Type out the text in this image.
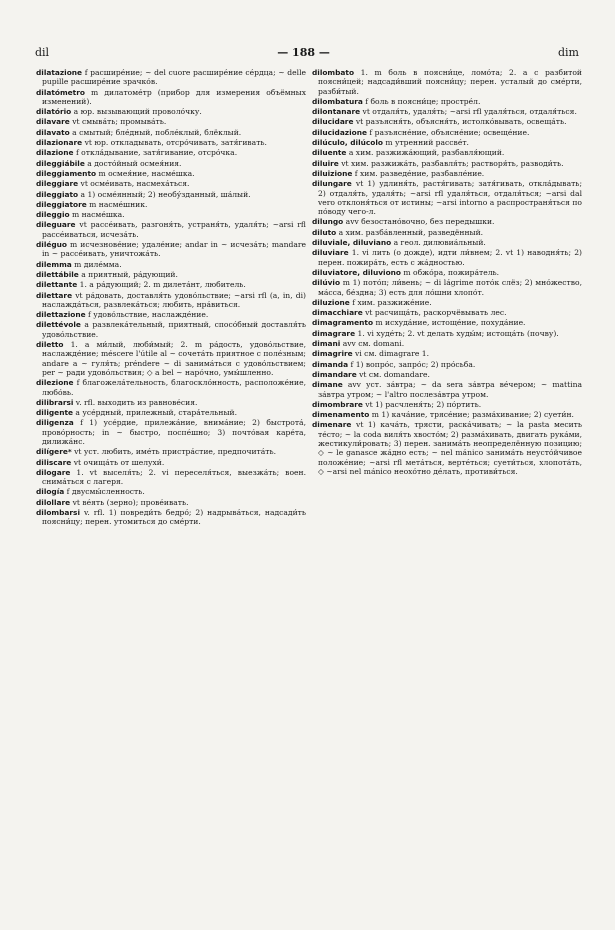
dil	— 188 —	dim

dilatazione f расширéние; ~ del cuore расширéние сéрдца; ~ delle pupille расширéние зрачкóв.

dilatómetro m дилатомéтр (прибор для измерения объёмных изменений).

dilatório a юр. вызывающий проволóчку.

dilavare vt смывáть; промывáть.

dilavato a смытый; блéдный, поблéклый, блёклый.

dilazionare vt юр. откладывать, отсрóчивать, затя́гивать.

dilazione f откла́дывание, затя́гивание, отсрóчка.

dileggiábile a достóйный осмея́ния.

dileggiamento m осмея́ние, насмéшка.

dileggiare vt осмéивать, насмехáться.

dileggiato a 1) осмéянный; 2) необу́зданный, шáлый.

dileggiatore m насмéшник.

dileggio m насмéшка.

dileguare vt рассéивать, разгоня́ть, устраня́ть, удаля́ть; ~arsi rfl рассéиваться, исчезáть.

diléguo m исчезновéние; удалéние; andar in ~ исчезáть; mandare in ~ рассéивать, уничтожáть.

dilemma m дилéмма.

dilettábile a приятный, рáдующий.

dilettante 1. a рáдующий; 2. m дилетáнт, любитель.

dilettare vt рáдовать, доставля́ть удовóльствие; ~arsi rfl (a, in, di) наслаждáться, развлекáться; любить, нрáвиться.

dilettazione f удовóльствие, наслаждéние.

dilettévole a развлекáтельный, приятный, спосóбный доставля́ть удовóльствие.

diletto 1. a ми́лый, люби́мый; 2. m рáдость, удовóльствие, наслаждéние; méscere l'útile al ~ сочетáть приятное с полéзным; andare a ~ гуля́ть; préndere ~ di занимáться с удовóльствием; per ~ ради удовóльствия; ◇ a bel ~ нарóчно, умы́шленно.

dilezione f благожелáтельность, благосклóнность, расположéние, любóвь.

dilibrarsi v. rfl. выходить из равновéсия.

diligente a усéрдный, прилежный, стара́тельный.

diligenza f 1) усéрдие, прилежáние, внимáние; 2) быстротá, провóрность; in ~ быстро, поспéшно; 3) почтóвая карéта, дилижáнс.

dilígere* vt уст. любить, имéть пристрáстие, предпочитáть.

diliscare vt очищáть от шелухи́.

dilogare 1. vt выселя́ть; 2. vi переселя́ться, выезжáть; воен. снимáться с лагеря.

dilogía f двусмы́сленность.

dilollare vt вéять (зерно); провéивать.

dilombarsi v. rfl. 1) повреди́ть бедрó; 2) надрывáться, надсади́ть поясни́цу; перен. утомиться до смéрти.

dilombato 1. m боль в поясни́це, ломóта; 2. a с разбитой поясни́цей; надсади́вший поясни́цу; перен. усталый до смéрти, разби́тый.

dilombatura f боль в поясни́це; прострéл.

dilontanare vt отдаля́ть, удаля́ть; ~arsi rfl удаля́ться, отдаля́ться.

dilucidare vt разъясня́ть, объясня́ть, истолкóвывать, освещáть.

dilucidazione f разъяснéние, объяснéние; освещéние.

dilúculo, dilúcolo m утренний рассвéт.

diluente a хим. разжижáющий, разбавля́ющий.

diluire vt хим. разжижáть, разбавля́ть; растворя́ть, разводи́ть.

diluizione f хим. разведéние, разбавлéние.

dilungare vt 1) удлиня́ть, растя́гивать; затя́гивать, откла́дывать; 2) отдаля́ть, удаля́ть; ~arsi rfl удаля́ться, отдаля́ться; ~arsi dal vero отклоня́ться от истины; ~arsi intorno a распространя́ться по пóводу чего-л.

dilungo avv безостанóвочно, без передышки.

diluto a хим. разбáвленный, разведённый.

diluviale, diluviano a геол. дилювиáльный.

diluviare 1. vi лить (о дожде), идти ли́внем; 2. vt 1) наводня́ть; 2) перен. пожирáть, есть с жáдностью.

diluviatore, diluviono m обжóра, пожирáтель.

dilúvio m 1) потóп; ли́вень; ~ di lágrime потóк слёз; 2) мнóжество, мáсса, бéздна; 3) есть для лóшни хлопóт.

diluzione f хим. разжижéние.

dimacchiare vt расчищáть, раскорчёвывать лес.

dimagramento m исхудáние, истощéние, похудáние.

dimagrare 1. vi худéть; 2. vt делать худы́м; истощáть (почву).

dimani avv см. domani.

dimagrire vi см. dimagrare 1.

dimanda f 1) вопрóс, запрóс; 2) прóсьба.

dimandare vt см. domandare.

dimane avv уст. зáвтра; ~ da sera зáвтра вéчером; ~ mattina зáвтра утром; ~ l'altro послезáвтра утром.

dimombrare vt 1) расчленя́ть; 2) пóртить.

dimenamento m 1) качáние, трясéние; размáхивание; 2) суети́н.

dimenare vt 1) качáть, трясти, раскáчивать; ~ la pasta месить тéсто; ~ la coda виля́ть хвостóм; 2) размáхивать, двигать рукáми, жестикули́ровать; 3) перен. занимáть неопределённую позицию; ◇ ~ le ganasce жáдно есть; ~ nel mánico занимáть неустóйчивое положéние; ~arsi rfl метáться, вертéться; суети́ться, хлопотáть, ◇ ~arsi nel mánico неохóтно дéлать, противи́ться.
